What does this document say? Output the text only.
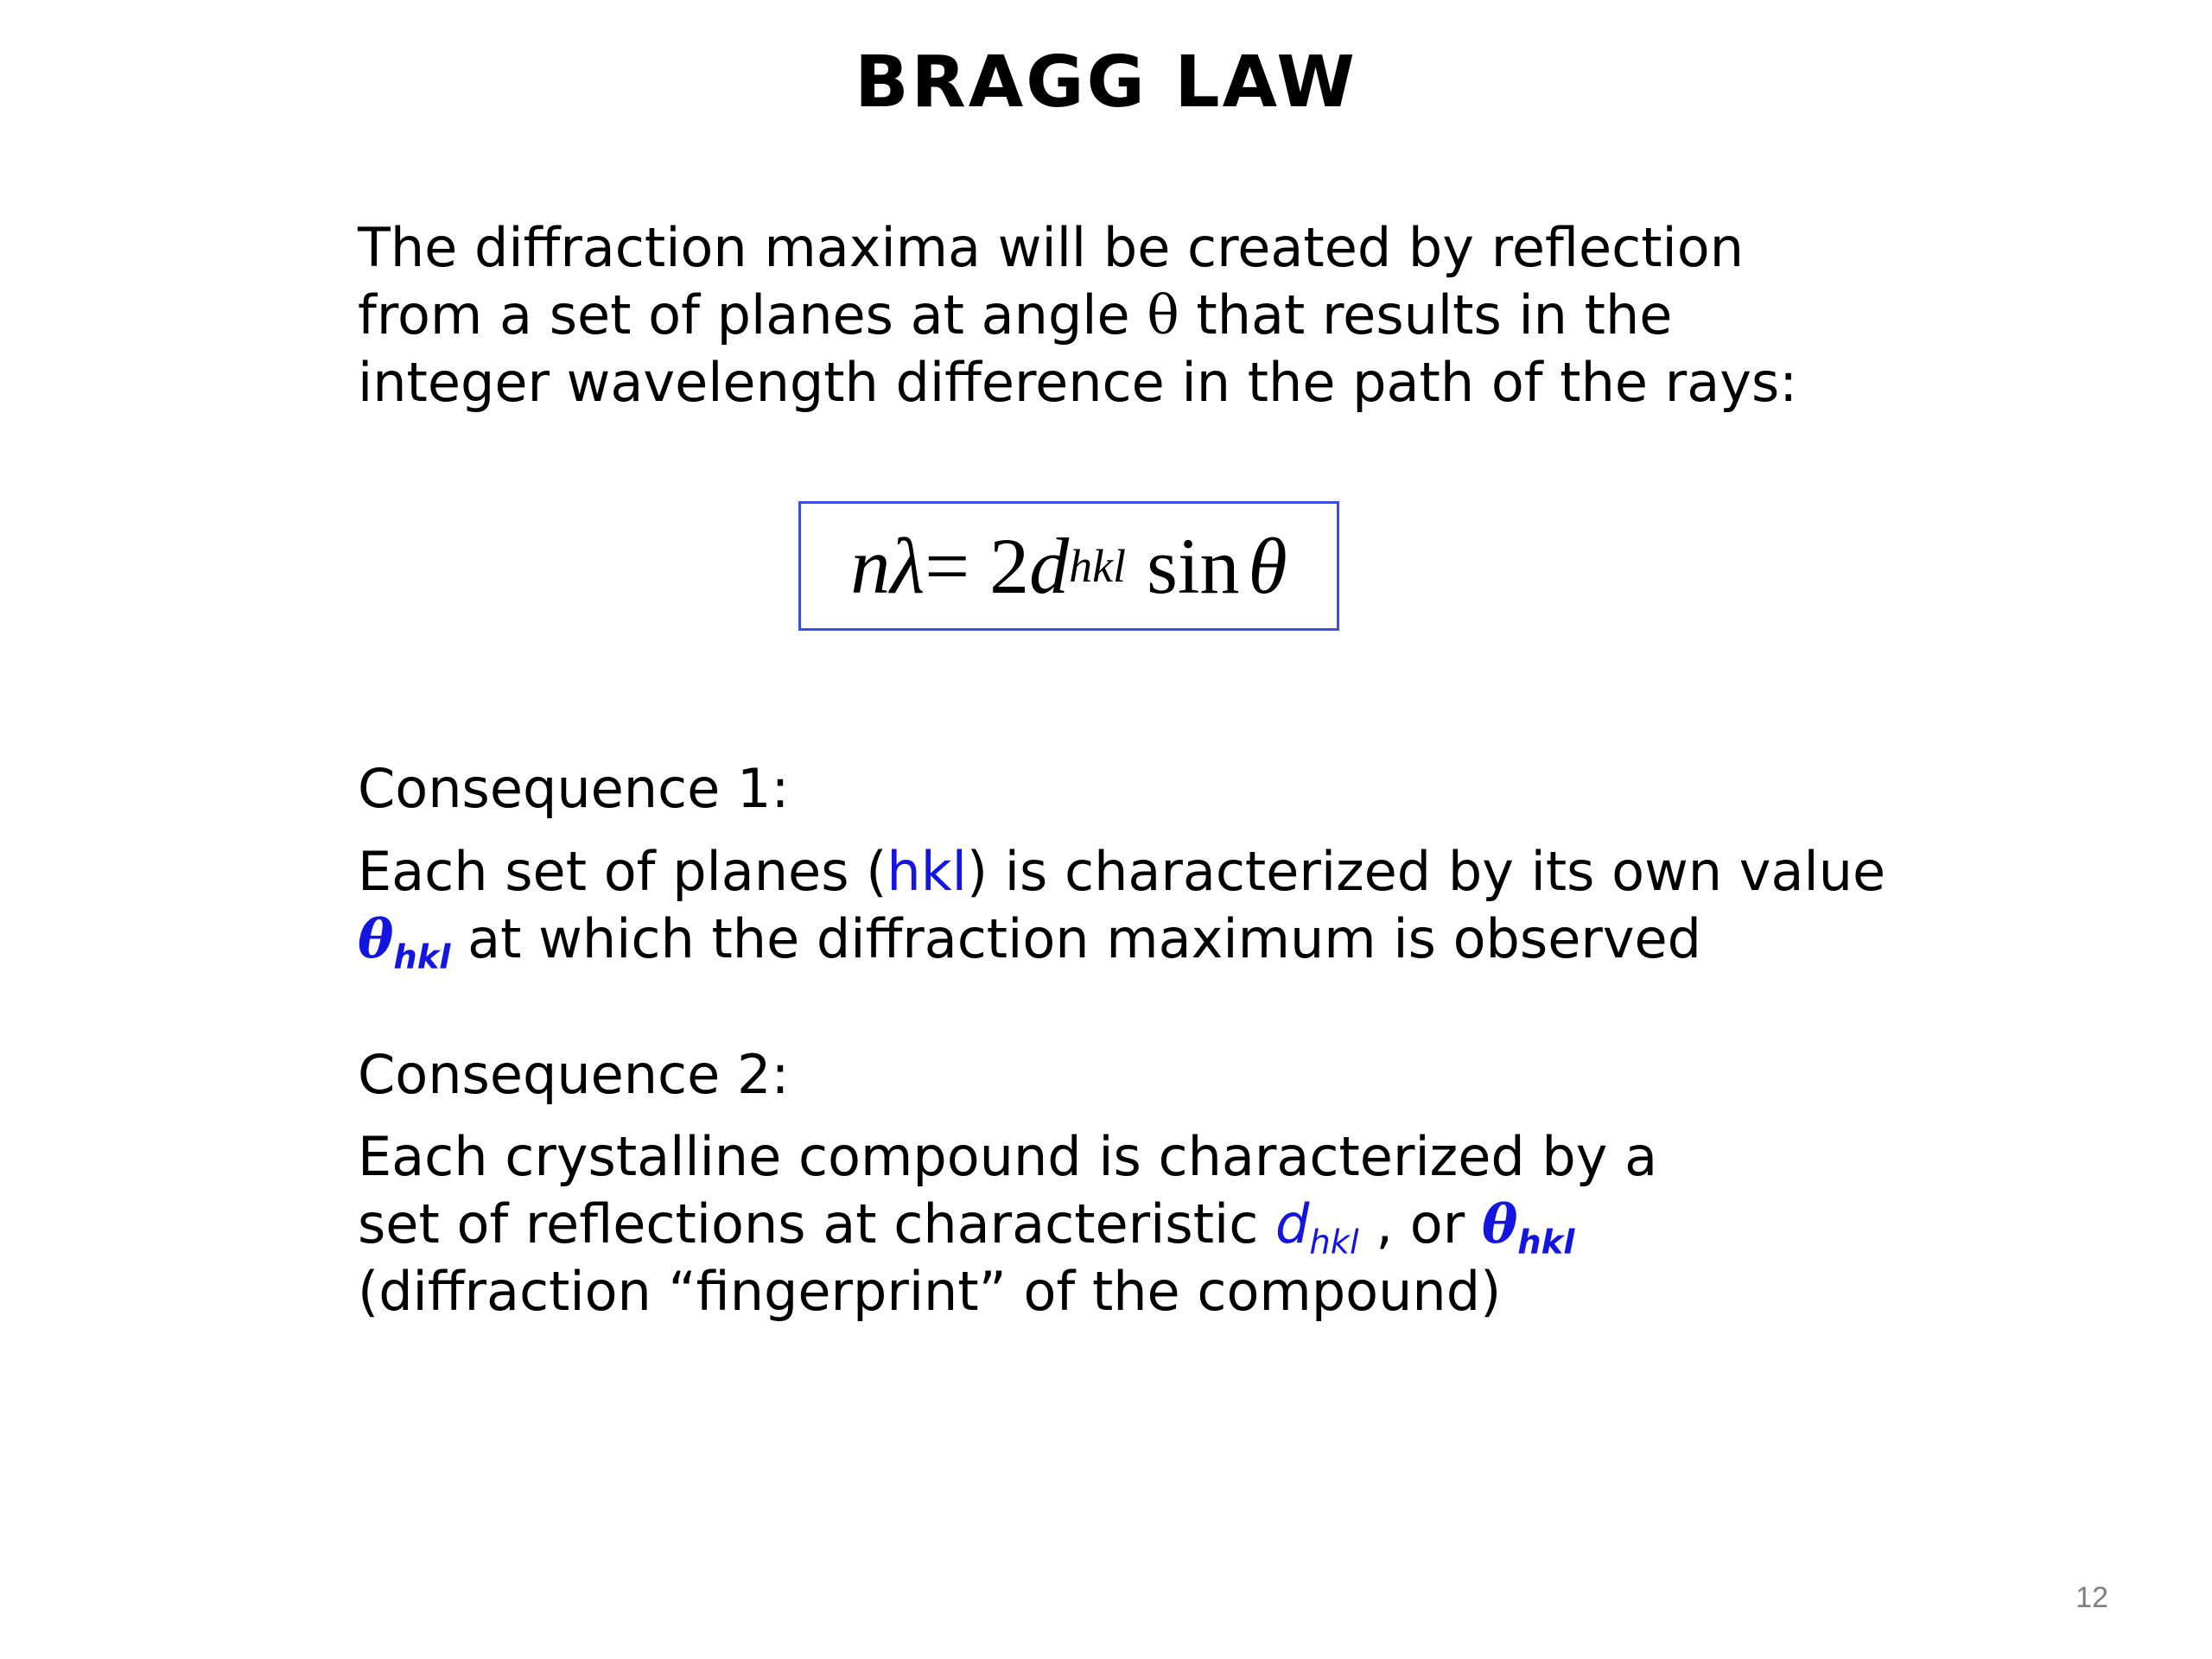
BRAGG LAW
The diffraction maxima will be created by reflection
from a set of planes at angle θ that results in the
integer wavelength difference in the path of the rays:
n λ = 2 d hkl sin θ
Consequence 1:
Each set of planes (hkl) is characterized by its own value
θhkl at which the diffraction maximum is observed
Consequence 2:
Each crystalline compound is characterized by a
set of reflections at characteristic $d_{hkl}$ , or θhkl
(diffraction “fingerprint” of the compound)
12
